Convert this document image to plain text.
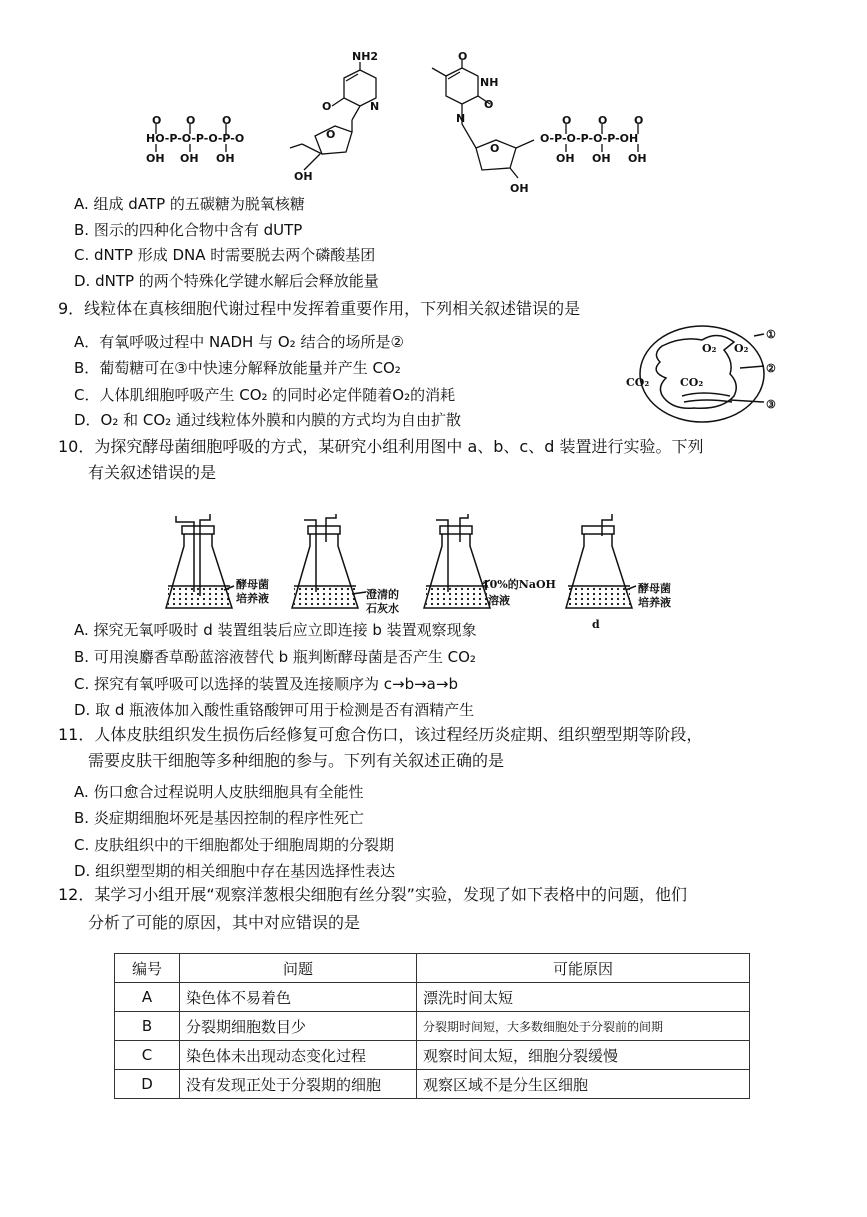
NH2
O	N
O
OH
HO-P-O-P-O-P-O
O O O
OH OH OH
O
O
NH
N
O
OH
O-P-O-P-O-P-OH
O O O
OH OH OH
A. 组成 dATP 的五碳糖为脱氧核糖
B. 图示的四种化合物中含有 dUTP
C. dNTP 形成 DNA 时需要脱去两个磷酸基团
D. dNTP 的两个特殊化学键水解后会释放能量
9．线粒体在真核细胞代谢过程中发挥着重要作用，下列相关叙述错误的是
A．有氧呼吸过程中 NADH 与 O₂ 结合的场所是②
B．葡萄糖可在③中快速分解释放能量并产生 CO₂
C．人体肌细胞呼吸产生 CO₂ 的同时必定伴随着O₂的消耗
D．O₂ 和 CO₂ 通过线粒体外膜和内膜的方式均为自由扩散
O₂ O₂
CO₂	CO₂
①
②
③
10．为探究酵母菌细胞呼吸的方式，某研究小组利用图中 a、b、c、d 装置进行实验。下列
有关叙述错误的是
酵母菌
培养液	澄清的
石灰水
10%的NaOH
溶液
酵母菌
培养液
d
A. 探究无氧呼吸时 d 装置组装后应立即连接 b 装置观察现象
B. 可用溴麝香草酚蓝溶液替代 b 瓶判断酵母菌是否产生 CO₂
C. 探究有氧呼吸可以选择的装置及连接顺序为 c→b→a→b
D. 取 d 瓶液体加入酸性重铬酸钾可用于检测是否有酒精产生
11．人体皮肤组织发生损伤后经修复可愈合伤口，该过程经历炎症期、组织塑型期等阶段，
需要皮肤干细胞等多种细胞的参与。下列有关叙述正确的是
A. 伤口愈合过程说明人皮肤细胞具有全能性
B. 炎症期细胞坏死是基因控制的程序性死亡
C. 皮肤组织中的干细胞都处于细胞周期的分裂期
D. 组织塑型期的相关细胞中存在基因选择性表达
12．某学习小组开展“观察洋葱根尖细胞有丝分裂”实验，发现了如下表格中的问题，他们
分析了可能的原因，其中对应错误的是
编号	问题	可能原因
A	染色体不易着色	漂洗时间太短
B	分裂期细胞数目少	分裂期时间短，大多数细胞处于分裂前的间期
C	染色体未出现动态变化过程	观察时间太短，细胞分裂缓慢
D	没有发现正处于分裂期的细胞	观察区域不是分生区细胞
